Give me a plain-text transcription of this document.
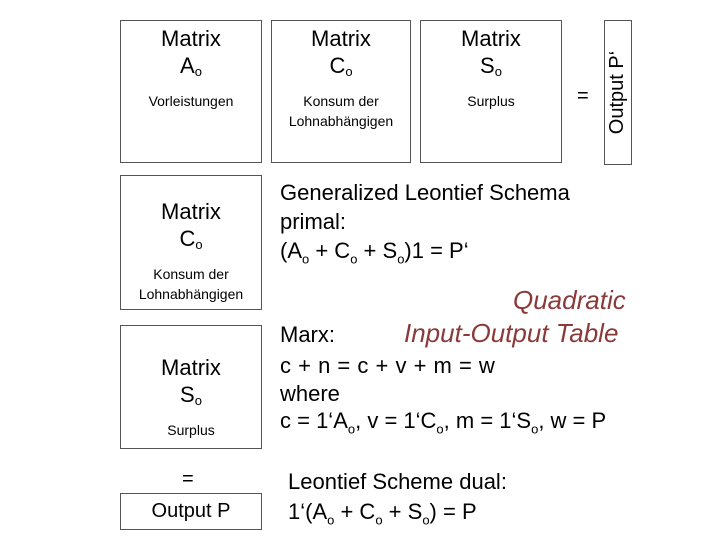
Matrix
$A_o$
Vorleistungen
Matrix
$C_o$
Konsum der Lohnabhängigen
Matrix
$S_o$
Surplus	= Output P‘
Matrix
$C_o$
Konsum der Lohnabhängigen
Matrix
$S_o$
Surplus
=
Output P
Generalized Leontief Schema
primal:
$(A_o + C_o + S_o)1$ = P‘
Quadratic
Input-Output Table
Marx:
c + n = c + v + m = w
where
$c = 1‘A_o$, $v = 1‘C_o$, $m = 1‘S_o$, w = P
Leontief Scheme dual:
$1‘(A_o + C_o + S_o) = P$
